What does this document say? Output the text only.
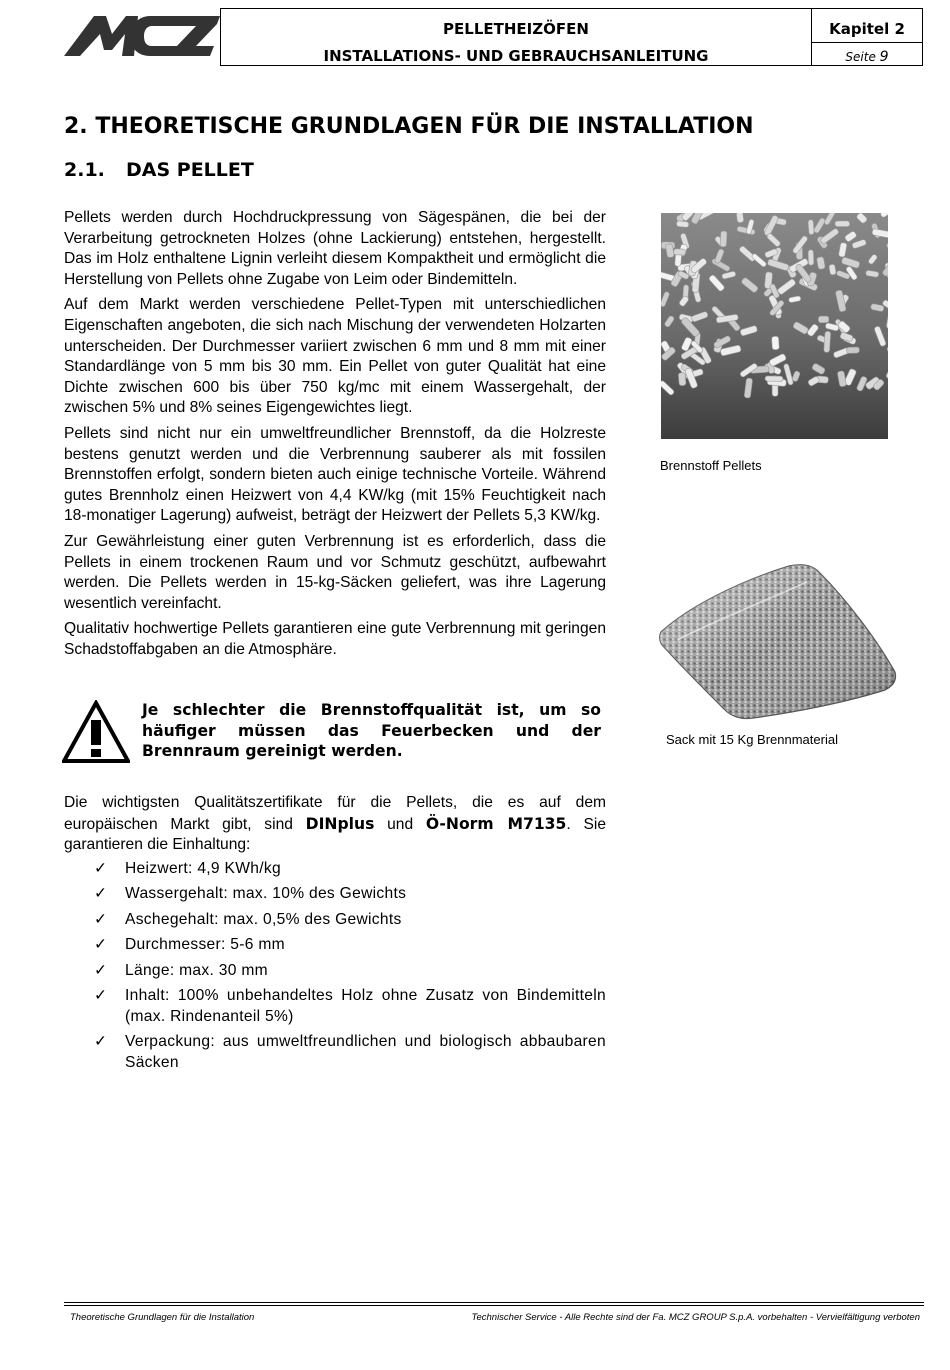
PELLETHEIZÖFEN
INSTALLATIONS- UND GEBRAUCHSANLEITUNG
Kapitel 2
Seite 9
2. THEORETISCHE GRUNDLAGEN FÜR DIE INSTALLATION
2.1. DAS PELLET

Pellets werden durch Hochdruckpressung von Sägespänen, die bei der Verarbeitung getrockneten Holzes (ohne Lackierung) entstehen, hergestellt. Das im Holz enthaltene Lignin verleiht diesem Kompaktheit und ermöglicht die Herstellung von Pellets ohne Zugabe von Leim oder Bindemitteln.

Auf dem Markt werden verschiedene Pellet-Typen mit unterschiedlichen Eigenschaften angeboten, die sich nach Mischung der verwendeten Holzarten unterscheiden. Der Durchmesser variiert zwischen 6 mm und 8 mm mit einer Standardlänge von 5 mm bis 30 mm. Ein Pellet von guter Qualität hat eine Dichte zwischen 600 bis über 750 kg/mc mit einem Wassergehalt, der zwischen 5% und 8% seines Eigengewichtes liegt.

Pellets sind nicht nur ein umweltfreundlicher Brennstoff, da die Holzreste bestens genutzt werden und die Verbrennung sauberer als mit fossilen Brennstoffen erfolgt, sondern bieten auch einige technische Vorteile. Während gutes Brennholz einen Heizwert von 4,4 KW/kg (mit 15% Feuchtigkeit nach 18-monatiger Lagerung) aufweist, beträgt der Heizwert der Pellets 5,3 KW/kg.

Zur Gewährleistung einer guten Verbrennung ist es erforderlich, dass die Pellets in einem trockenen Raum und vor Schmutz geschützt, aufbewahrt werden. Die Pellets werden in 15-kg-Säcken geliefert, was ihre Lagerung wesentlich vereinfacht.

Qualitativ hochwertige Pellets garantieren eine gute Verbrennung mit geringen Schadstoffabgaben an die Atmosphäre.

Je schlechter die Brennstoffqualität ist, um so häufiger müssen das Feuerbecken und der Brennraum gereinigt werden.
Die wichtigsten Qualitätszertifikate für die Pellets, die es auf dem europäischen Markt gibt, sind DINplus und Ö-Norm M7135. Sie garantieren die Einhaltung:
✓ Heizwert: 4,9 KWh/kg
✓ Wassergehalt: max. 10% des Gewichts
✓ Aschegehalt: max. 0,5% des Gewichts
✓ Durchmesser: 5-6 mm
✓ Länge: max. 30 mm
✓ Inhalt: 100% unbehandeltes Holz ohne Zusatz von Bindemitteln (max. Rindenanteil 5%)
✓ Verpackung: aus umweltfreundlichen und biologisch abbaubaren Säcken
Brennstoff Pellets
Sack mit 15 Kg Brennmaterial
Theoretische Grundlagen für die Installation	Technischer Service - Alle Rechte sind der Fa. MCZ GROUP S.p.A. vorbehalten - Vervielfältigung verboten
